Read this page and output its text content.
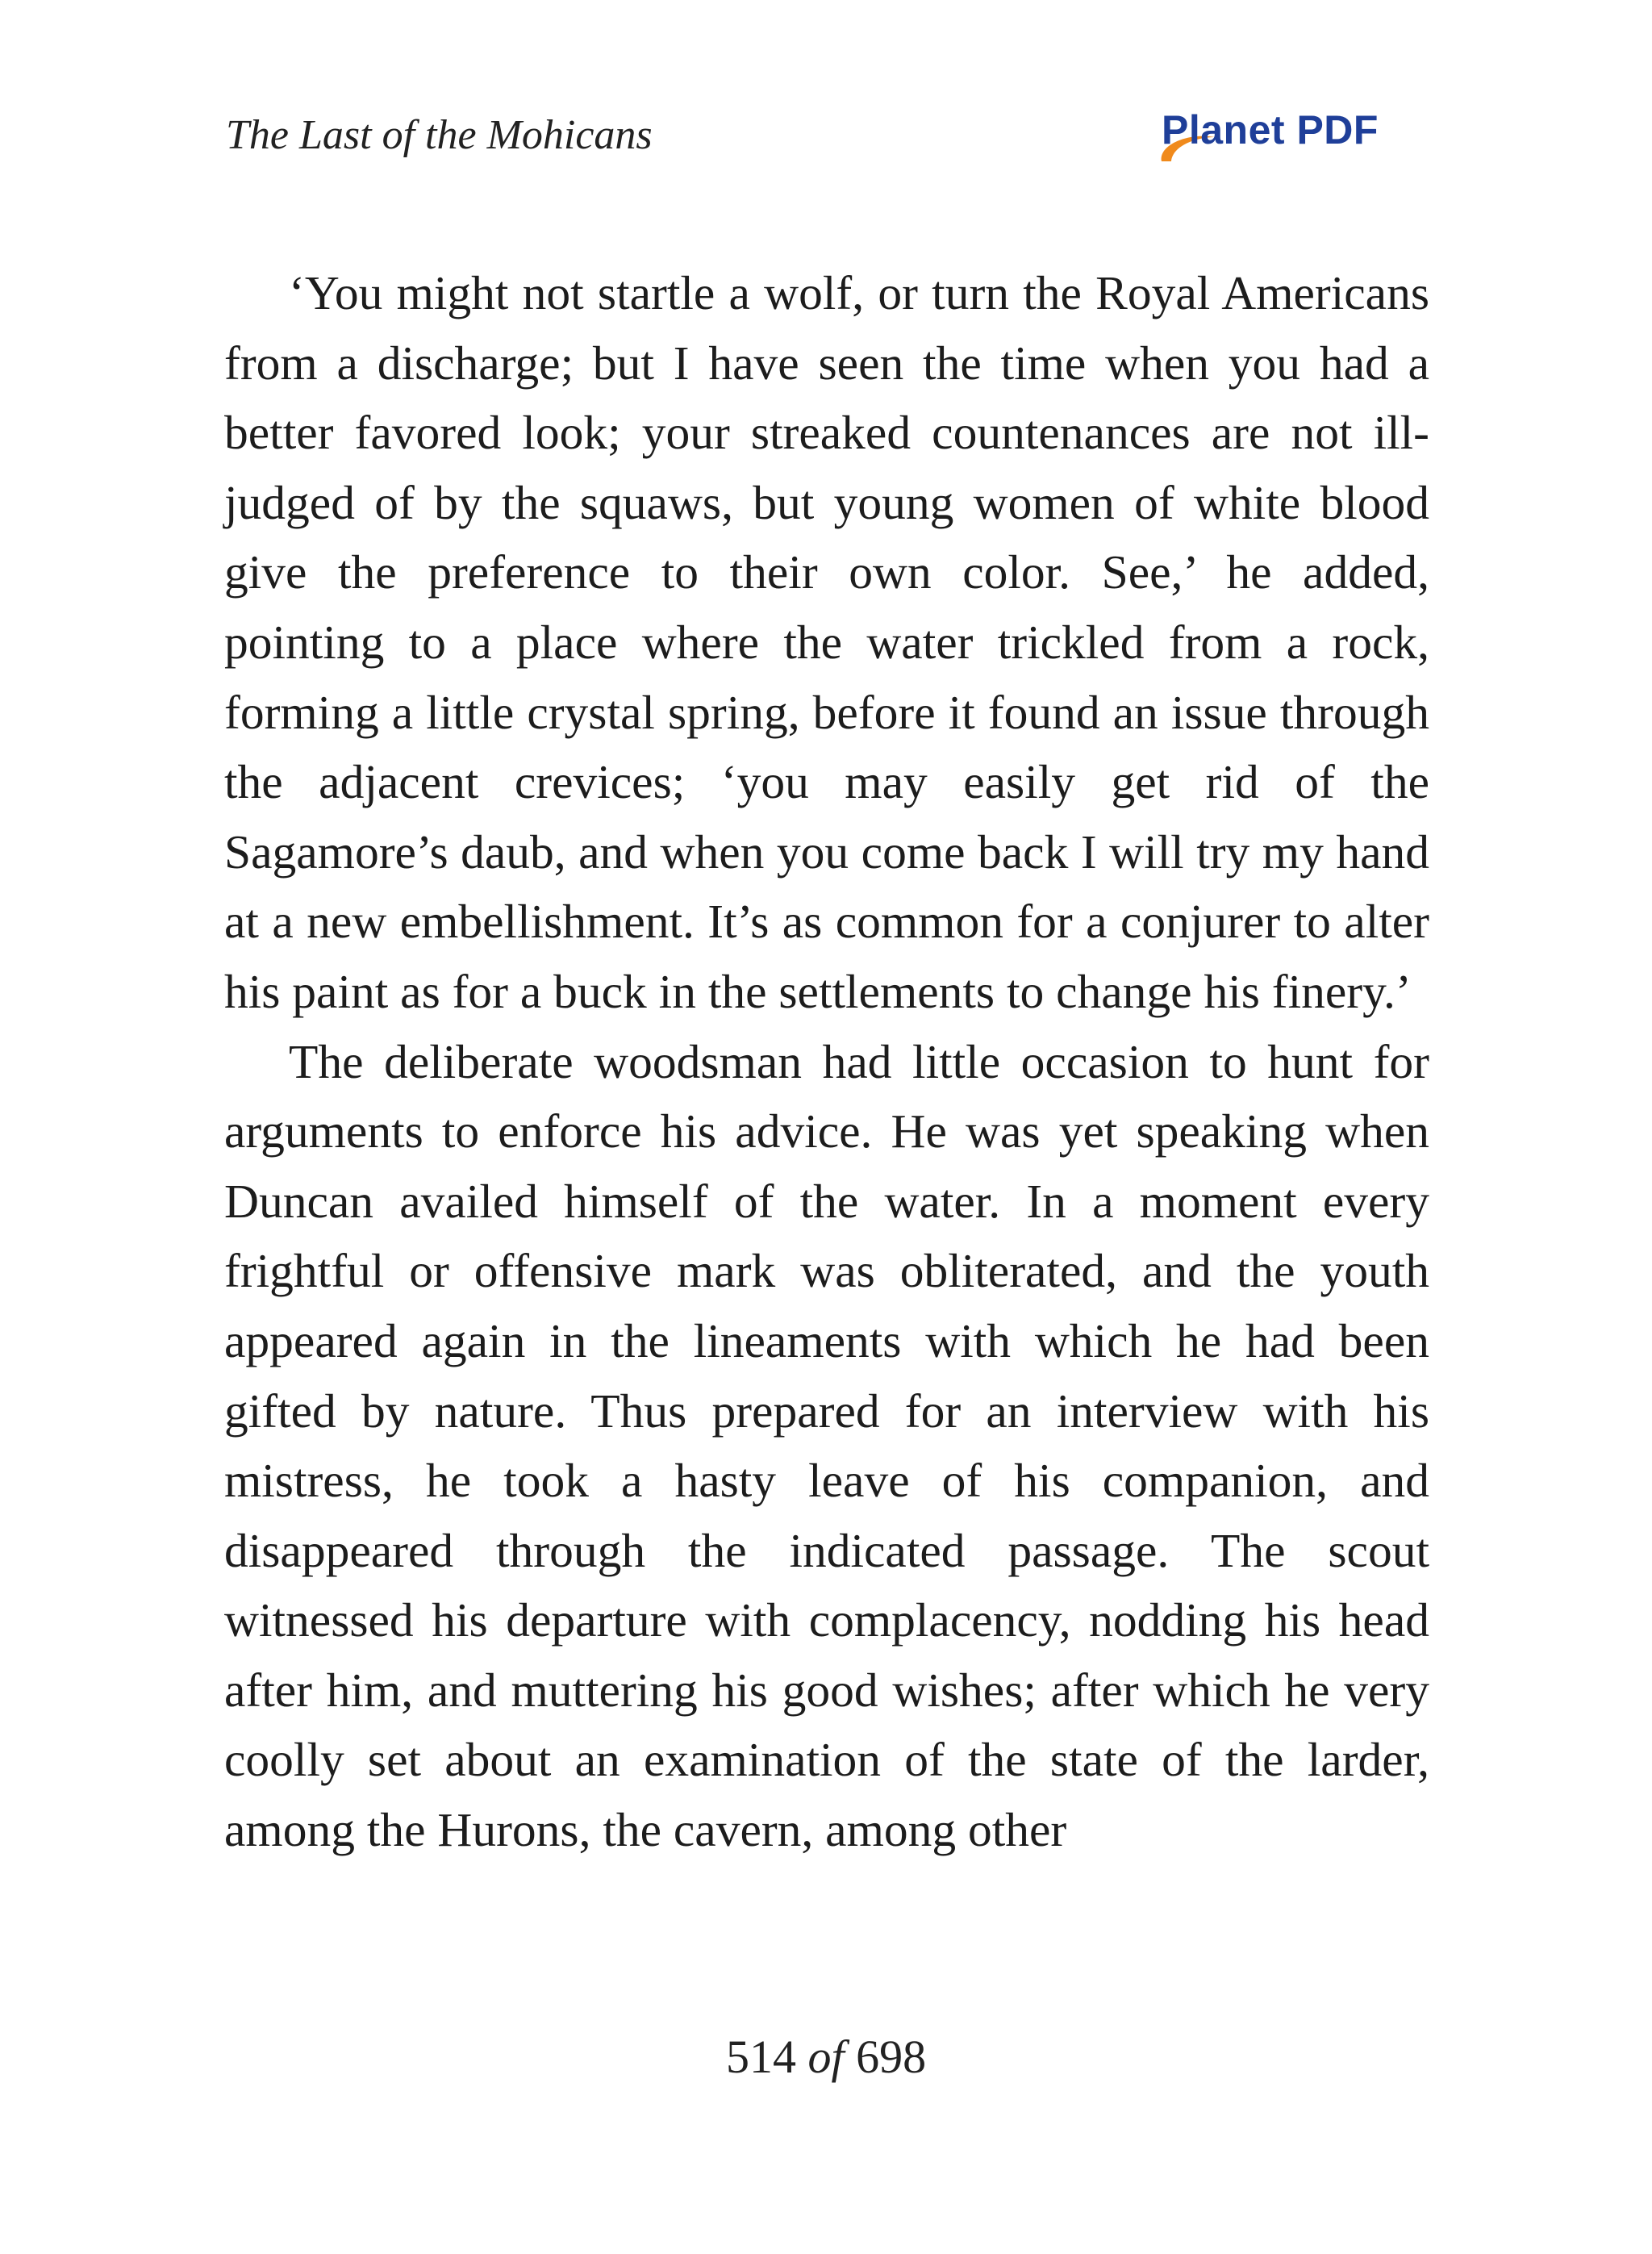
The Last of the Mohicans	Planet PDF

‘You might not startle a wolf, or turn the Royal Americans from a discharge; but I have seen the time when you had a better favored look; your streaked countenances are not ill-judged of by the squaws, but young women of white blood give the preference to their own color. See,’ he added, pointing to a place where the water trickled from a rock, forming a little crystal spring, before it found an issue through the adjacent crevices; ‘you may easily get rid of the Sagamore’s daub, and when you come back I will try my hand at a new embellishment. It’s as common for a conjurer to alter his paint as for a buck in the settlements to change his finery.’

The deliberate woodsman had little occasion to hunt for arguments to enforce his advice. He was yet speaking when Duncan availed himself of the water. In a moment every frightful or offensive mark was obliterated, and the youth appeared again in the lineaments with which he had been gifted by nature. Thus prepared for an interview with his mistress, he took a hasty leave of his companion, and disappeared through the indicated passage. The scout witnessed his departure with complacency, nodding his head after him, and muttering his good wishes; after which he very coolly set about an examination of the state of the larder, among the Hurons, the cavern, among other

514 of 698
